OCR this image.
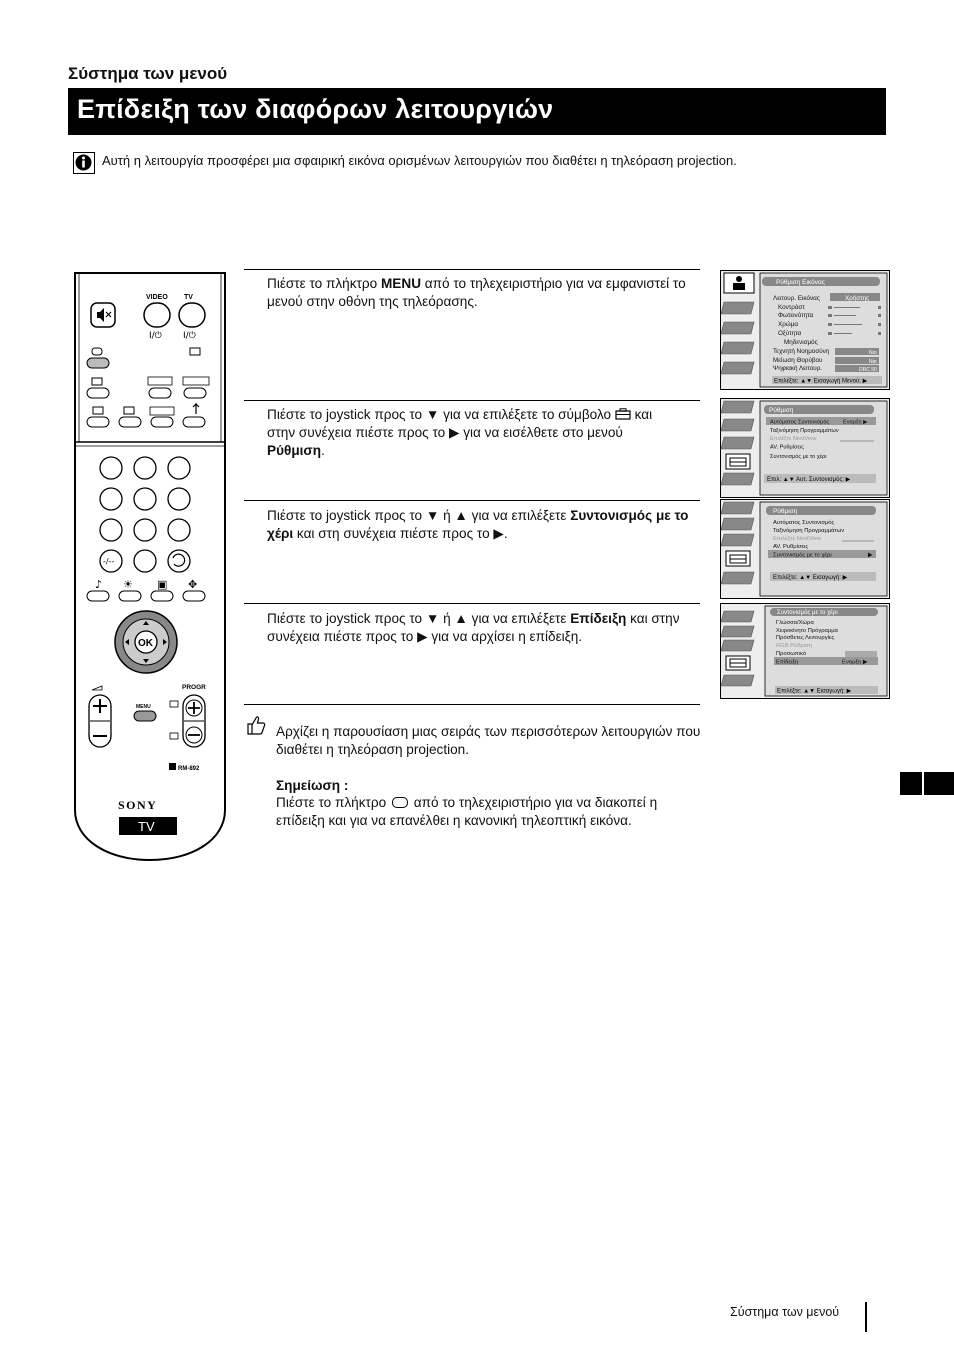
Σύστημα των μενού
Επίδειξη των διαφόρων λειτουργιών
Αυτή η λειτουργία προσφέρει μια σφαιρική εικόνα ορισμένων λειτουργιών που διαθέτει η τηλεόραση projection.
Πιέστε το πλήκτρο MENU από το τηλεχειριστήριο για να εμφανιστεί το μενού στην οθόνη της τηλεόρασης.
Πιέστε το joystick προς το ▼ για να επιλέξετε το σύμβολο και
στην συνέχεια πιέστε προς το ▶ για να εισέλθετε στο μενού
Ρύθμιση.
Πιέστε το joystick προς το ▼ ή ▲ για να επιλέξετε Συντονισμός με το χέρι και στη συνέχεια πιέστε προς το ▶.
Πιέστε το joystick προς το ▼ ή ▲ για να επιλέξετε Επίδειξη και στην συνέχεια πιέστε προς το ▶ για να αρχίσει η επίδειξη.
Αρχίζει η παρουσίαση μιας σειράς των περισσότερων λειτουργιών που διαθέτει η τηλεόραση projection.
Σημείωση :
Πιέστε το πλήκτρο από το τηλεχειριστήριο για να διακοπεί η επίδειξη και για να επανέλθει η κανονική τηλεοπτική εικόνα.
VIDEO TV
I/⏻ I/⏻
-/--
♪ ☀ ▣ ✥
OK
PROGR
MENU
RM-892
SONY
TV
Ρύθμιση Εικόνας
Λειτουρ. Εικόνας
Κοντράστ
Φωτεινότητα
Χρώμα
Οξύτητα
Μηδενισμός
Τεχνητή Νοημοσύνη
Μείωση Θορύβου
Ψηφιακή Λειτουρ.
Χρήστης
Ναι
Ναι
DRC 50
Επιλέξτε: ▲▼ Εισαγωγή Μενού: ▶
Ρύθμιση
Αυτόματος Συντονισμός Εναρξη ▶
Ταξινόμηση Προγραμμάτων
Επιλέξτε NextView
AV. Ρυθμίσεις
Συντονισμός με το χέρι
Επιλ: ▲▼ Αυτ. Συντονισμός: ▶
Ρύθμιση
Αυτόματος Συντονισμός
Ταξινόμηση Προγραμμάτων
Επιλέξτε NextView
AV. Ρυθμίσεις
Συντονισμός με το χέρι	▶
Επιλέξτε: ▲▼ Εισαγωγή: ▶
Συντονισμός με το χέρι
Γλώσσα/Χώρα
Χειροκίνητο Πρόγραμμα
Πρόσθετες Λειτουργίες
RGB Ρύθμιση
Προσωπικό
Επίδειξη	Εναρξη ▶
Επιλέξτε: ▲▼ Εισαγωγή: ▶
Σύστημα των μενού
